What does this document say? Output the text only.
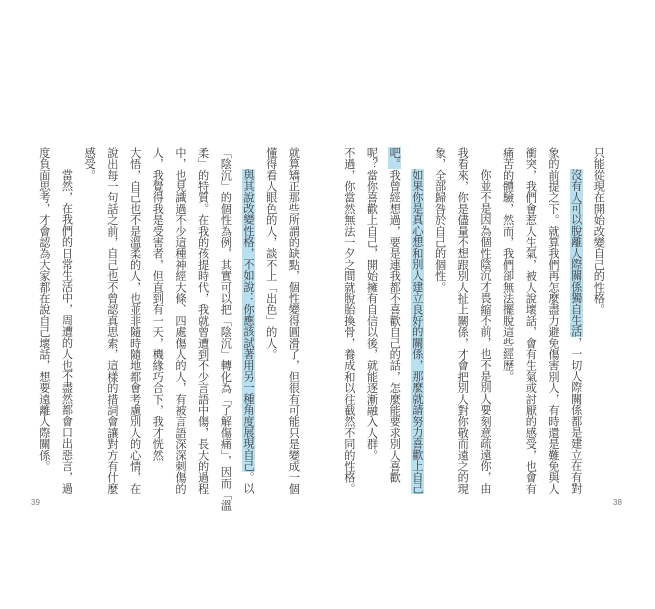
就算矯正那些所謂的缺點，個性變得圓滑了，但很有可能只是變成一個
懂得看人眼色的人，談不上「出色」的人。
與其說改變性格，不如說：你應該試著用另一種角度展現自己。以
「陰沉」的個性為例，其實可以把「陰沉」轉化為「了解傷痛」，因而「溫
柔」的特質。在我的孩提時代，我就曾遭到不少言語中傷，長大的過程
中，也見識過不少這種神經大條、四處傷人的人，有被言語深深刺傷的
人，我覺得我是受害者，但直到有一天，機緣巧合下，我才恍然
大悟，自己也不是溫柔的人，也並非隨時隨地都會考慮別人的心情，在
說出每一句話之前，自己也不曾認真思索，這樣的措詞會讓對方有什麼
感受。
當然，在我們的日常生活中，周遭的人也不盡然都會口出惡言，過
度負面思考，才會認為大家都在說自己壞話，想要遠離人際關係。	只能從現在開始改變自己的性格。
沒有人可以脫離人際關係獨自生活，一切人際關係都是建立在有對
象的前提之下。就算我們再怎麼盡力避免傷害別人，有時還是難免與人
衝突，我們會惹人生氣，被人說壞話，會有生氣或討厭的感受，也會有
痛苦的體驗，然而，我們卻無法擺脫這些經歷。
你並不是因為個性陰沉才畏縮不前，也不是別人要刻意疏遠你，由
我看來，你是儘量不想跟別人扯上關係，才會把別人對你敬而遠之的現
象，全部歸咎於自己的個性。
如果你是真心想和別人建立良好的關係，那麼就請努力喜歡上自己
吧。我曾經想過，要是連我都不喜歡自己的話，怎麼能要求別人喜歡
呢？當你喜歡上自己，開始擁有自信以後，就能逐漸融入人群。
不過，你當然無法一夕之間就脫胎換骨，養成和以往截然不同的性格。
39	38
